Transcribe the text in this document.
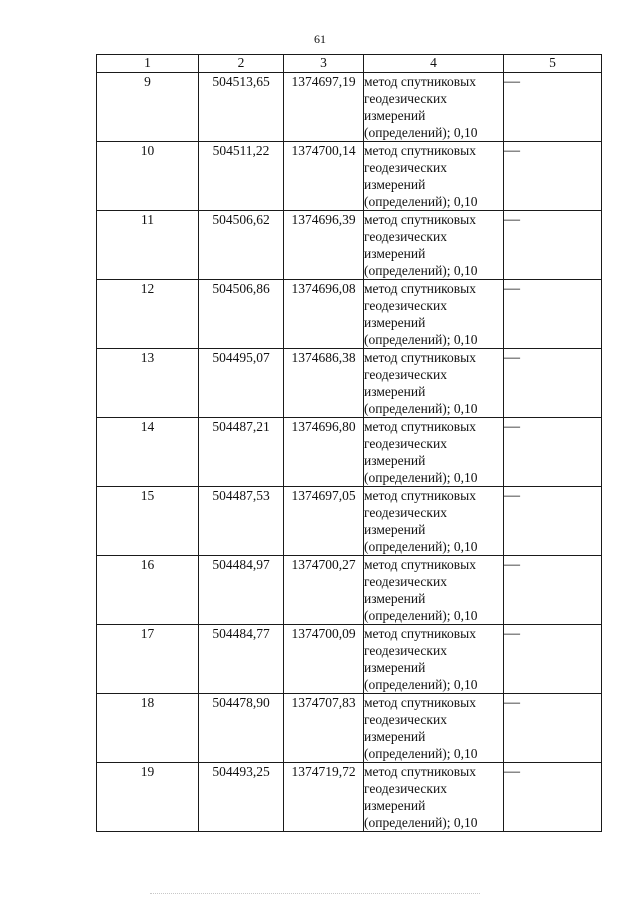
61
1	2	3	4	5
9	504513,65	1374697,19	метод спутниковых
геодезических
измерений
(определений); 0,10	—
10	504511,22	1374700,14	метод спутниковых
геодезических
измерений
(определений); 0,10	—
11	504506,62	1374696,39	метод спутниковых
геодезических
измерений
(определений); 0,10	—
12	504506,86	1374696,08	метод спутниковых
геодезических
измерений
(определений); 0,10	—
13	504495,07	1374686,38	метод спутниковых
геодезических
измерений
(определений); 0,10	—
14	504487,21	1374696,80	метод спутниковых
геодезических
измерений
(определений); 0,10	—
15	504487,53	1374697,05	метод спутниковых
геодезических
измерений
(определений); 0,10	—
16	504484,97	1374700,27	метод спутниковых
геодезических
измерений
(определений); 0,10	—
17	504484,77	1374700,09	метод спутниковых
геодезических
измерений
(определений); 0,10	—
18	504478,90	1374707,83	метод спутниковых
геодезических
измерений
(определений); 0,10	—
19	504493,25	1374719,72	метод спутниковых
геодезических
измерений
(определений); 0,10	—
